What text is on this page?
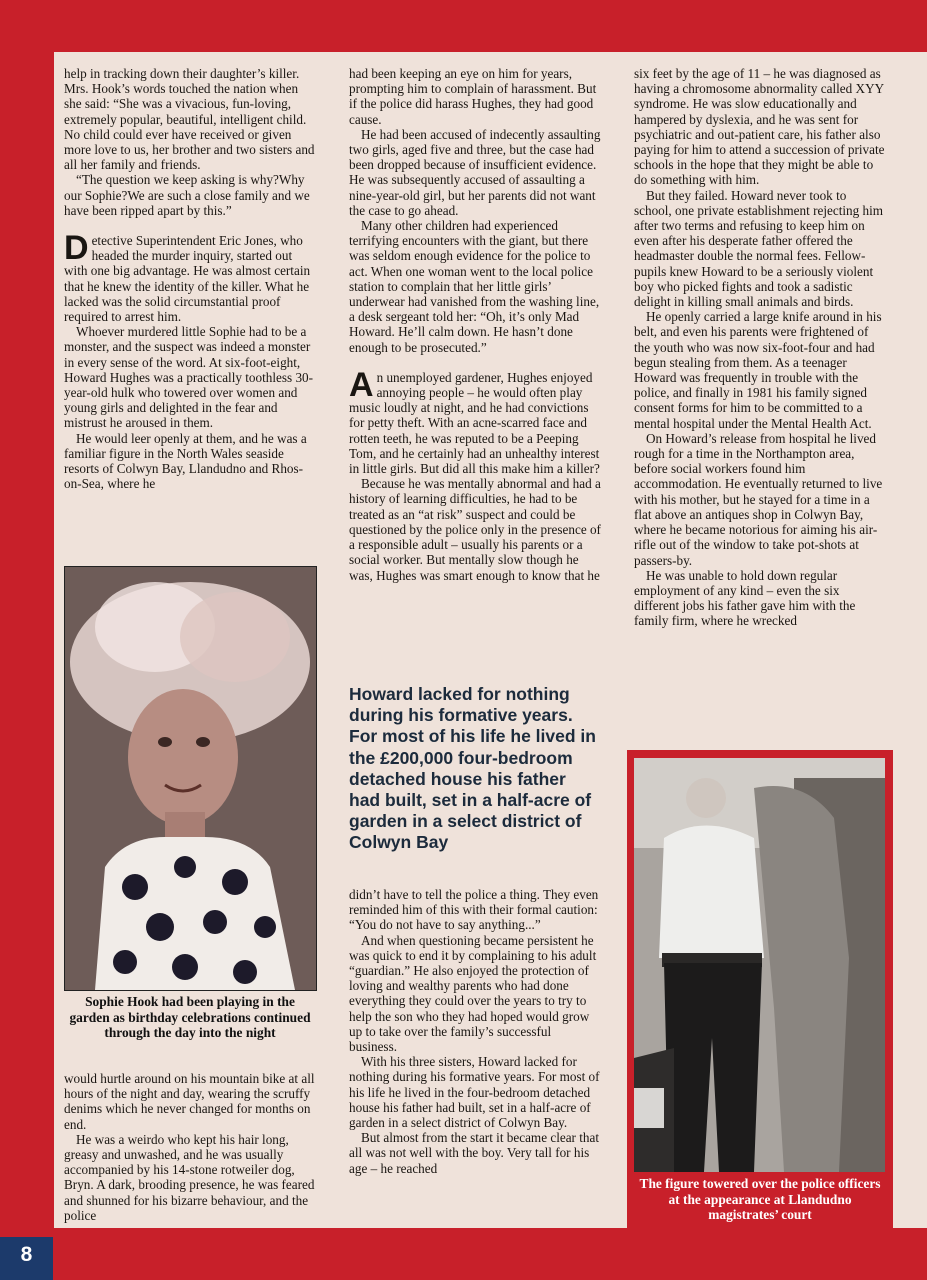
help in tracking down their daughter’s killer. Mrs. Hook’s words touched the nation when she said: “She was a vivacious, fun-loving, extremely popular, beautiful, intelligent child. No child could ever have received or given more love to us, her brother and two sisters and all her family and friends.

“The question we keep asking is why?Why our Sophie?We are such a close family and we have been ripped apart by this.”

Detective Superintendent Eric Jones, who headed the murder inquiry, started out with one big advantage. He was almost certain that he knew the identity of the killer. What he lacked was the solid circumstantial proof required to arrest him.

Whoever murdered little Sophie had to be a monster, and the suspect was indeed a monster in every sense of the word. At six-foot-eight, Howard Hughes was a practically toothless 30-year-old hulk who towered over women and young girls and delighted in the fear and mistrust he aroused in them.

He would leer openly at them, and he was a familiar figure in the North Wales seaside resorts of Colwyn Bay, Llandudno and Rhos-on-Sea, where he

Sophie Hook had been playing in the garden as birthday celebrations continued through the day into the night

would hurtle around on his mountain bike at all hours of the night and day, wearing the scruffy denims which he never changed for months on end.

He was a weirdo who kept his hair long, greasy and unwashed, and he was usually accompanied by his 14-stone rotweiler dog, Bryn. A dark, brooding presence, he was feared and shunned for his bizarre behaviour, and the police

had been keeping an eye on him for years, prompting him to complain of harassment. But if the police did harass Hughes, they had good cause.

He had been accused of indecently assaulting two girls, aged five and three, but the case had been dropped because of insufficient evidence. He was subsequently accused of assaulting a nine-year-old girl, but her parents did not want the case to go ahead.

Many other children had experienced terrifying encounters with the giant, but there was seldom enough evidence for the police to act. When one woman went to the local police station to complain that her little girls’ underwear had vanished from the washing line, a desk sergeant told her: “Oh, it’s only Mad Howard. He’ll calm down. He hasn’t done enough to be prosecuted.”

An unemployed gardener, Hughes enjoyed annoying people – he would often play music loudly at night, and he had convictions for petty theft. With an acne-scarred face and rotten teeth, he was reputed to be a Peeping Tom, and he certainly had an unhealthy interest in little girls. But did all this make him a killer?

Because he was mentally abnormal and had a history of learning difficulties, he had to be treated as an “at risk” suspect and could be questioned by the police only in the presence of a responsible adult – usually his parents or a social worker. But mentally slow though he was, Hughes was smart enough to know that he

Howard lacked for nothing during his formative years. For most of his life he lived in the £200,000 four-bedroom detached house his father had built, set in a half-acre of garden in a select district of Colwyn Bay

didn’t have to tell the police a thing. They even reminded him of this with their formal caution: “You do not have to say anything...”

And when questioning became persistent he was quick to end it by complaining to his adult “guardian.” He also enjoyed the protection of loving and wealthy parents who had done everything they could over the years to try to help the son who they had hoped would grow up to take over the family’s successful business.

With his three sisters, Howard lacked for nothing during his formative years. For most of his life he lived in the four-bedroom detached house his father had built, set in a half-acre of garden in a select district of Colwyn Bay.

But almost from the start it became clear that all was not well with the boy. Very tall for his age – he reached

six feet by the age of 11 – he was diagnosed as having a chromosome abnormality called XYY syndrome. He was slow educationally and hampered by dyslexia, and he was sent for psychiatric and out-patient care, his father also paying for him to attend a succession of private schools in the hope that they might be able to do something with him.

But they failed. Howard never took to school, one private establishment rejecting him after two terms and refusing to keep him on even after his desperate father offered the headmaster double the normal fees. Fellow-pupils knew Howard to be a seriously violent boy who picked fights and took a sadistic delight in killing small animals and birds.

He openly carried a large knife around in his belt, and even his parents were frightened of the youth who was now six-foot-four and had begun stealing from them. As a teenager Howard was frequently in trouble with the police, and finally in 1981 his family signed consent forms for him to be committed to a mental hospital under the Mental Health Act.

On Howard’s release from hospital he lived rough for a time in the Northampton area, before social workers found him accommodation. He eventually returned to live with his mother, but he stayed for a time in a flat above an antiques shop in Colwyn Bay, where he became notorious for aiming his air-rifle out of the window to take pot-shots at passers-by.

He was unable to hold down regular employment of any kind – even the six different jobs his father gave him with the family firm, where he wrecked

The figure towered over the police officers at the appearance at Llandudno magistrates’ court
8
